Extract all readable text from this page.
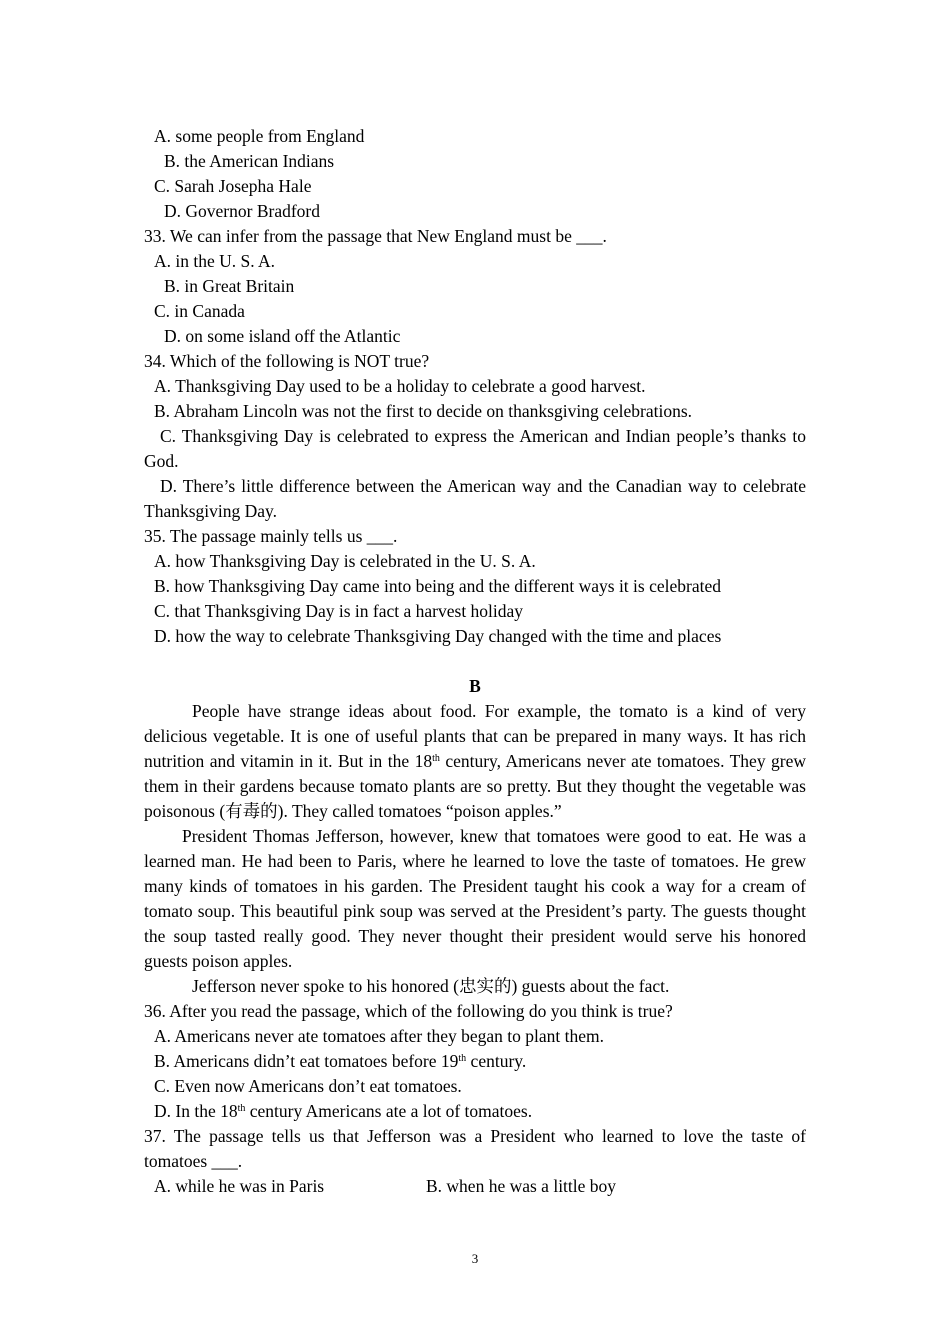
A. some people from England
B. the American Indians
C. Sarah Josepha Hale
D. Governor Bradford
33. We can infer from the passage that New England must be ___.
A. in the U. S. A.
B. in Great Britain
C. in Canada
D. on some island off the Atlantic
34. Which of the following is NOT true?
A. Thanksgiving Day used to be a holiday to celebrate a good harvest.
B. Abraham Lincoln was not the first to decide on thanksgiving celebrations.
C. Thanksgiving Day is celebrated to express the American and Indian people’s thanks to God.
D. There’s little difference between the American way and the Canadian way to celebrate Thanksgiving Day.
35. The passage mainly tells us ___.
A. how Thanksgiving Day is celebrated in the U. S. A.
B. how Thanksgiving Day came into being and the different ways it is celebrated
C. that Thanksgiving Day is in fact a harvest holiday
D. how the way to celebrate Thanksgiving Day changed with the time and places
B
People have strange ideas about food. For example, the tomato is a kind of very delicious vegetable. It is one of useful plants that can be prepared in many ways. It has rich nutrition and vitamin in it. But in the 18th century, Americans never ate tomatoes. They grew them in their gardens because tomato plants are so pretty. But they thought the vegetable was poisonous (有毒的). They called tomatoes “poison apples.”
President Thomas Jefferson, however, knew that tomatoes were good to eat. He was a learned man. He had been to Paris, where he learned to love the taste of tomatoes. He grew many kinds of tomatoes in his garden. The President taught his cook a way for a cream of tomato soup. This beautiful pink soup was served at the President’s party. The guests thought the soup tasted really good. They never thought their president would serve his honored guests poison apples.
Jefferson never spoke to his honored (忠实的) guests about the fact.
36. After you read the passage, which of the following do you think is true?
A. Americans never ate tomatoes after they began to plant them.
B. Americans didn’t eat tomatoes before 19th century.
C. Even now Americans don’t eat tomatoes.
D. In the 18th century Americans ate a lot of tomatoes.
37. The passage tells us that Jefferson was a President who learned to love the taste of tomatoes ___.
A. while he was in Paris	B. when he was a little boy
3
